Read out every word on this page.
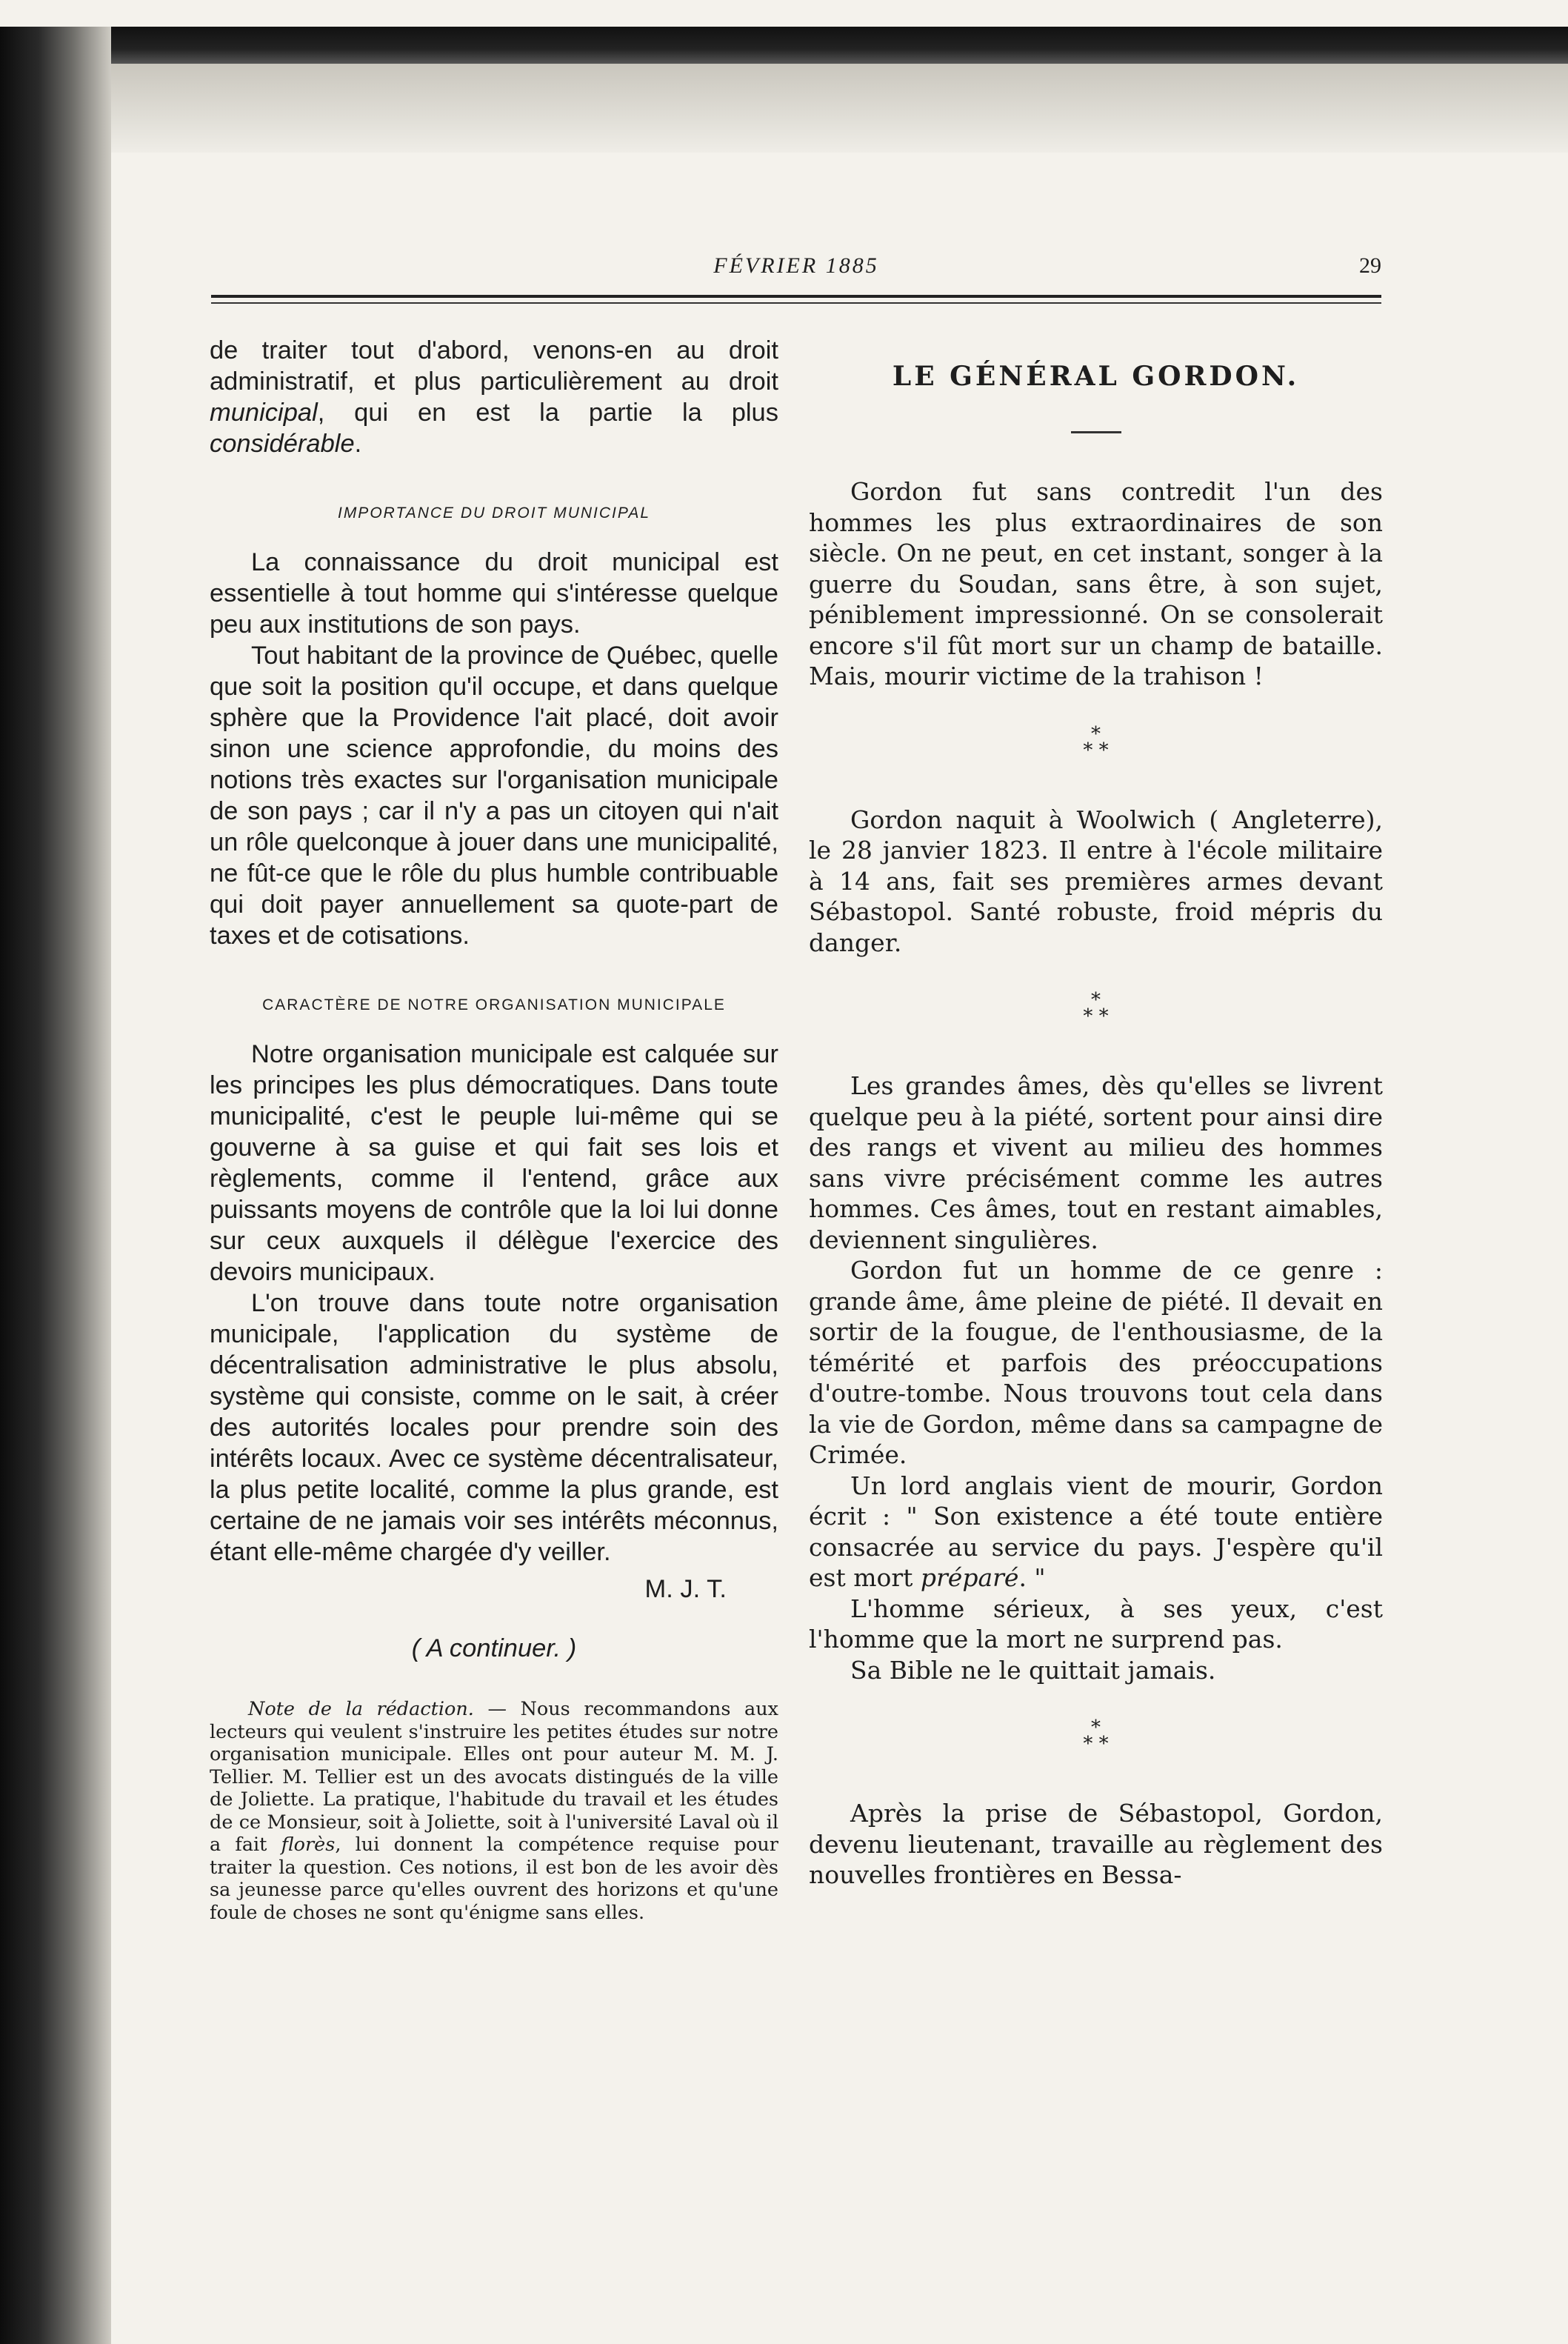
FÉVRIER 1885	29

de traiter tout d'abord, venons-en au droit administratif, et plus particulièrement au droit municipal, qui en est la partie la plus considérable.

IMPORTANCE DU DROIT MUNICIPAL

La connaissance du droit municipal est essentielle à tout homme qui s'intéresse quelque peu aux institutions de son pays.

Tout habitant de la province de Québec, quelle que soit la position qu'il occupe, et dans quelque sphère que la Providence l'ait placé, doit avoir sinon une science approfondie, du moins des notions très exactes sur l'organisation municipale de son pays ; car il n'y a pas un citoyen qui n'ait un rôle quelconque à jouer dans une municipalité, ne fût-ce que le rôle du plus humble contribuable qui doit payer annuellement sa quote-part de taxes et de cotisations.

CARACTÈRE DE NOTRE ORGANISATION MUNICIPALE

Notre organisation municipale est calquée sur les principes les plus démocratiques. Dans toute municipalité, c'est le peuple lui-même qui se gouverne à sa guise et qui fait ses lois et règlements, comme il l'entend, grâce aux puissants moyens de contrôle que la loi lui donne sur ceux auxquels il délègue l'exercice des devoirs municipaux.

L'on trouve dans toute notre organisation municipale, l'application du système de décentralisation administrative le plus absolu, système qui consiste, comme on le sait, à créer des autorités locales pour prendre soin des intérêts locaux. Avec ce système décentralisateur, la plus petite localité, comme la plus grande, est certaine de ne jamais voir ses intérêts méconnus, étant elle-même chargée d'y veiller.

M. J. T.
( A continuer. )

Note de la rédaction. — Nous recommandons aux lecteurs qui veulent s'instruire les petites études sur notre organisation municipale. Elles ont pour auteur M. M. J. Tellier. M. Tellier est un des avocats distingués de la ville de Joliette. La pratique, l'habitude du travail et les études de ce Monsieur, soit à Joliette, soit à l'université Laval où il a fait florès, lui donnent la compétence requise pour traiter la question. Ces notions, il est bon de les avoir dès sa jeunesse parce qu'elles ouvrent des horizons et qu'une foule de choses ne sont qu'énigme sans elles.

LE GÉNÉRAL GORDON.

Gordon fut sans contredit l'un des hommes les plus extraordinaires de son siècle. On ne peut, en cet instant, songer à la guerre du Soudan, sans être, à son sujet, péniblement impressionné. On se consolerait encore s'il fût mort sur un champ de bataille. Mais, mourir victime de la trahison !

*
* *

Gordon naquit à Woolwich ( Angleterre), le 28 janvier 1823. Il entre à l'école militaire à 14 ans, fait ses premières armes devant Sébastopol. Santé robuste, froid mépris du danger.

*
* *

Les grandes âmes, dès qu'elles se livrent quelque peu à la piété, sortent pour ainsi dire des rangs et vivent au milieu des hommes sans vivre précisément comme les autres hommes. Ces âmes, tout en restant aimables, deviennent singulières.

Gordon fut un homme de ce genre : grande âme, âme pleine de piété. Il devait en sortir de la fougue, de l'enthousiasme, de la témérité et parfois des préoccupations d'outre-tombe. Nous trouvons tout cela dans la vie de Gordon, même dans sa campagne de Crimée.

Un lord anglais vient de mourir, Gordon écrit : " Son existence a été toute entière consacrée au service du pays. J'espère qu'il est mort préparé. "

L'homme sérieux, à ses yeux, c'est l'homme que la mort ne surprend pas.

Sa Bible ne le quittait jamais.

*
* *

Après la prise de Sébastopol, Gordon, devenu lieutenant, travaille au règlement des nouvelles frontières en Bessa-
